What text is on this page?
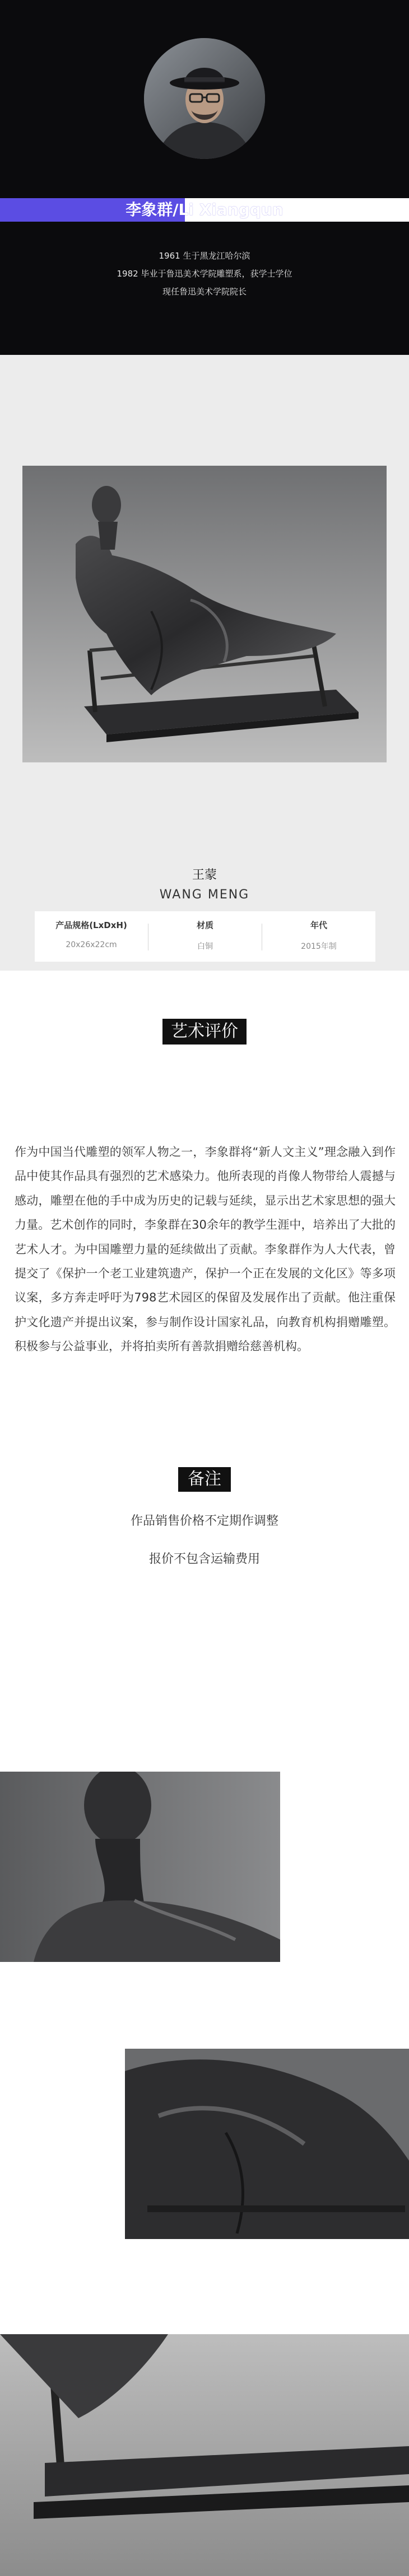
李象群/Li Xiangqun
1961 生于黑龙江哈尔滨
1982 毕业于鲁迅美术学院雕塑系，获学士学位
现任鲁迅美术学院院长
王蒙
WANG MENG
产品规格(LxDxH)
20x26x22cm
材质
白铜
年代
2015年制
艺术评价

作为中国当代雕塑的领军人物之一，李象群将“新人文主义”理念融入到作品中使其作品具有强烈的艺术感染力。他所表现的肖像人物带给人震撼与感动，雕塑在他的手中成为历史的记载与延续，显示出艺术家思想的强大力量。艺术创作的同时，李象群在30余年的教学生涯中，培养出了大批的艺术人才。为中国雕塑力量的延续做出了贡献。李象群作为人大代表，曾提交了《保护一个老工业建筑遗产，保护一个正在发展的文化区》等多项议案，多方奔走呼吁为798艺术园区的保留及发展作出了贡献。他注重保护文化遗产并提出议案，参与制作设计国家礼品，向教育机构捐赠雕塑。积极参与公益事业，并将拍卖所有善款捐赠给慈善机构。

备注
作品销售价格不定期作调整
报价不包含运输费用
